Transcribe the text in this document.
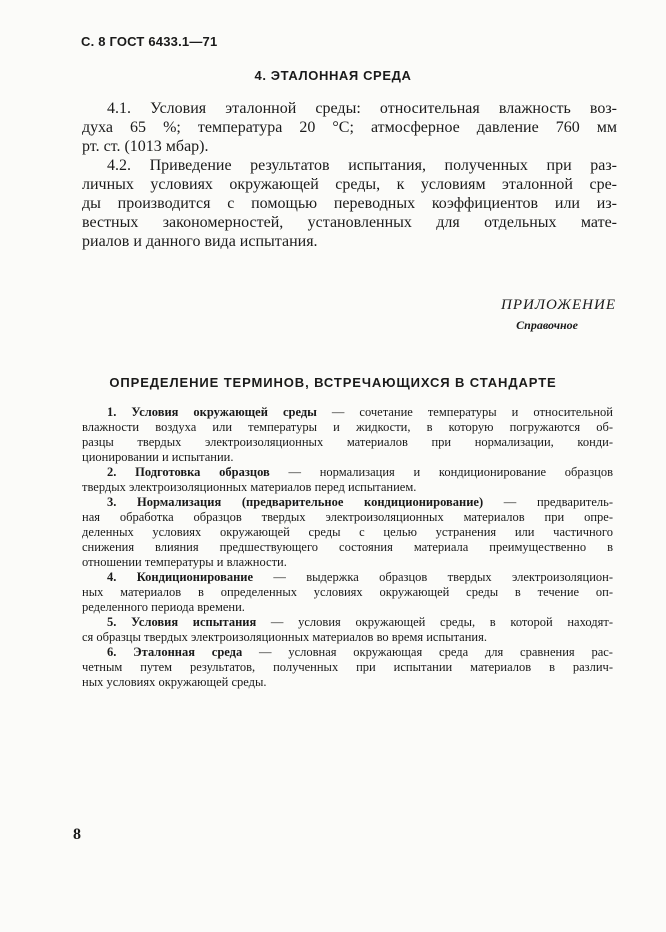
С. 8 ГОСТ 6433.1—71
4. ЭТАЛОННАЯ СРЕДА
4.1. Условия эталонной среды: относительная влажность воз-
духа 65 %; температура 20 °С; атмосферное давление 760 мм
рт. ст. (1013 мбар).
4.2. Приведение результатов испытания, полученных при раз-
личных условиях окружающей среды, к условиям эталонной сре-
ды производится с помощью переводных коэффициентов или из-
вестных закономерностей, установленных для отдельных мате-
риалов и данного вида испытания.
ПРИЛОЖЕНИЕ
Справочное
ОПРЕДЕЛЕНИЕ ТЕРМИНОВ, ВСТРЕЧАЮЩИХСЯ В СТАНДАРТЕ
1. Условия окружающей среды — сочетание температуры и относительной
влажности воздуха или температуры и жидкости, в которую погружаются об-
разцы твердых электроизоляционных материалов при нормализации, конди-
ционировании и испытании.
2. Подготовка образцов — нормализация и кондиционирование образцов
твердых электроизоляционных материалов перед испытанием.
3. Нормализация (предварительное кондиционирование) — предваритель-
ная обработка образцов твердых электроизоляционных материалов при опре-
деленных условиях окружающей среды с целью устранения или частичного
снижения влияния предшествующего состояния материала преимущественно в
отношении температуры и влажности.
4. Кондиционирование — выдержка образцов твердых электроизоляцион-
ных материалов в определенных условиях окружающей среды в течение оп-
ределенного периода времени.
5. Условия испытания — условия окружающей среды, в которой находят-
ся образцы твердых электроизоляционных материалов во время испытания.
6. Эталонная среда — условная окружающая среда для сравнения рас-
четным путем результатов, полученных при испытании материалов в различ-
ных условиях окружающей среды.
8
